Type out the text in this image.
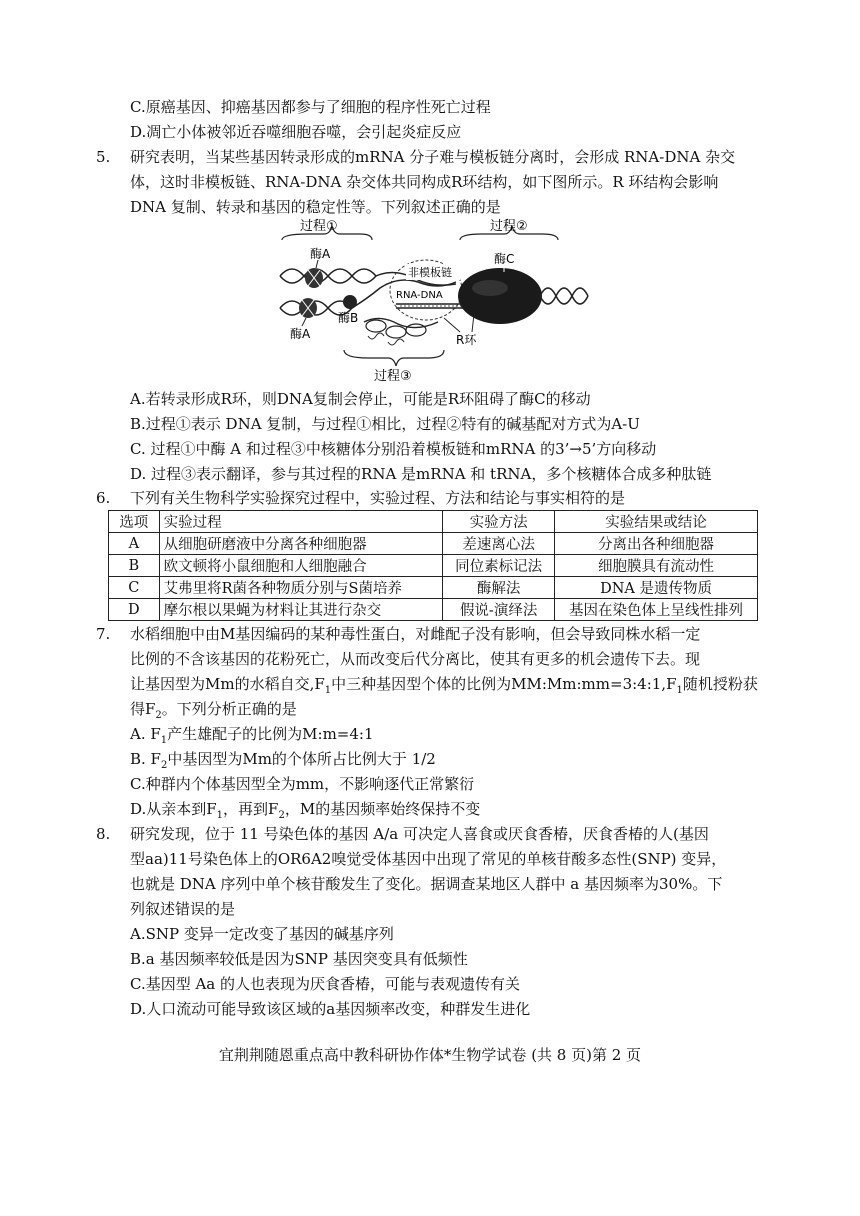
C.原癌基因、抑癌基因都参与了细胞的程序性死亡过程
D.凋亡小体被邻近吞噬细胞吞噬，会引起炎症反应
5. 研究表明，当某些基因转录形成的mRNA 分子难与模板链分离时，会形成 RNA-DNA 杂交
体，这时非模板链、RNA-DNA 杂交体共同构成R环结构，如下图所示。R 环结构会影响
DNA 复制、转录和基因的稳定性等。下列叙述正确的是
过程①	过程②
酶A
酶A
酶B
非模板链
RNA-DNA
酶C
R环
过程③
A.若转录形成R环，则DNA复制会停止，可能是R环阻碍了酶C的移动
B.过程①表示 DNA 复制，与过程①相比，过程②特有的碱基配对方式为A-U
C. 过程①中酶 A 和过程③中核糖体分别沿着模板链和mRNA 的3’→5’方向移动
D. 过程③表示翻译，参与其过程的RNA 是mRNA 和 tRNA，多个核糖体合成多种肽链
6. 下列有关生物科学实验探究过程中，实验过程、方法和结论与事实相符的是
选项	实验过程	实验方法	实验结果或结论
A	从细胞研磨液中分离各种细胞器	差速离心法	分离出各种细胞器
B	欧文顿将小鼠细胞和人细胞融合	同位素标记法	细胞膜具有流动性
C	艾弗里将R菌各种物质分别与S菌培养	酶解法	DNA 是遗传物质
D	摩尔根以果蝇为材料让其进行杂交	假说-演绎法	基因在染色体上呈线性排列
7. 水稻细胞中由M基因编码的某种毒性蛋白，对雌配子没有影响，但会导致同株水稻一定
比例的不含该基因的花粉死亡，从而改变后代分离比，使其有更多的机会遗传下去。现
让基因型为Mm的水稻自交$,F_1$中三种基因型个体的比例为$MM:Mm:mm=3:4:1,F_1$随机授粉获
得$F_2$。下列分析正确的是
A. $F_1$产生雄配子的比例为M:m=4:1
B. $F_2$中基因型为Mm的个体所占比例大于 1/2
C.种群内个体基因型全为mm，不影响逐代正常繁衍
D.从亲本到$F_1$，再到$F_2$，M的基因频率始终保持不变
8. 研究发现，位于 11 号染色体的基因 A/a 可决定人喜食或厌食香椿，厌食香椿的人(基因
型aa)11号染色体上的OR6A2嗅觉受体基因中出现了常见的单核苷酸多态性(SNP) 变异，
也就是 DNA 序列中单个核苷酸发生了变化。据调查某地区人群中 a 基因频率为30%。下
列叙述错误的是
A.SNP 变异一定改变了基因的碱基序列
B.a 基因频率较低是因为SNP 基因突变具有低频性
C.基因型 Aa 的人也表现为厌食香椿，可能与表观遗传有关
D.人口流动可能导致该区域的a基因频率改变，种群发生进化
宜荆荆随恩重点高中教科研协作体*生物学试卷 (共 8 页)第 2 页
